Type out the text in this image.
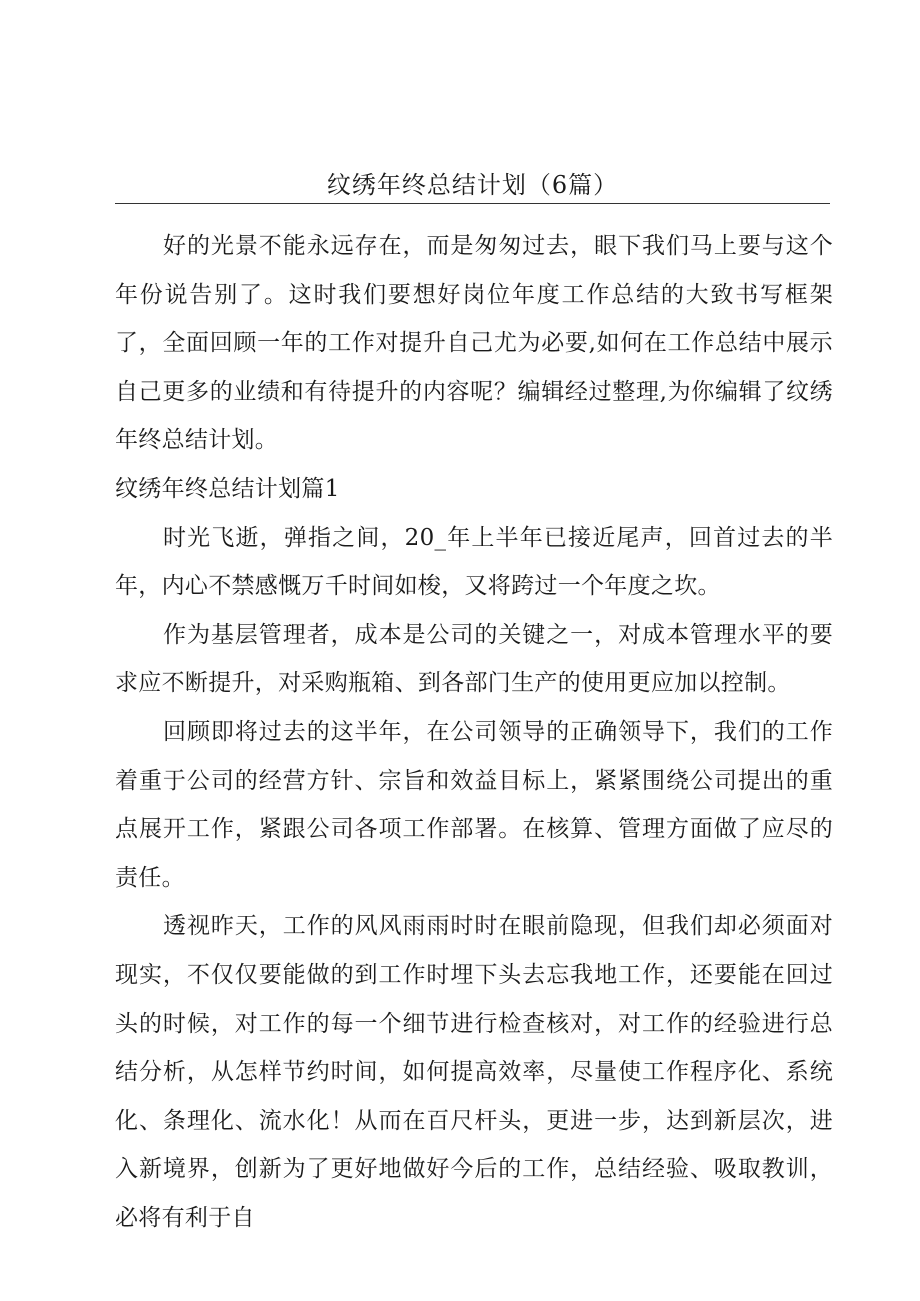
纹绣年终总结计划（6篇）

好的光景不能永远存在，而是匆匆过去，眼下我们马上要与这个年份说告别了。这时我们要想好岗位年度工作总结的大致书写框架了，全面回顾一年的工作对提升自己尤为必要,如何在工作总结中展示自己更多的业绩和有待提升的内容呢？编辑经过整理,为你编辑了纹绣年终总结计划。

纹绣年终总结计划篇1

时光飞逝，弹指之间，20_年上半年已接近尾声，回首过去的半年，内心不禁感慨万千时间如梭，又将跨过一个年度之坎。

作为基层管理者，成本是公司的关键之一，对成本管理水平的要求应不断提升，对采购瓶箱、到各部门生产的使用更应加以控制。

回顾即将过去的这半年，在公司领导的正确领导下，我们的工作着重于公司的经营方针、宗旨和效益目标上，紧紧围绕公司提出的重点展开工作，紧跟公司各项工作部署。在核算、管理方面做了应尽的责任。

透视昨天，工作的风风雨雨时时在眼前隐现，但我们却必须面对现实，不仅仅要能做的到工作时埋下头去忘我地工作，还要能在回过头的时候，对工作的每一个细节进行检查核对，对工作的经验进行总结分析，从怎样节约时间，如何提高效率，尽量使工作程序化、系统化、条理化、流水化！从而在百尺杆头，更进一步，达到新层次，进入新境界，创新为了更好地做好今后的工作，总结经验、吸取教训，必将有利于自
